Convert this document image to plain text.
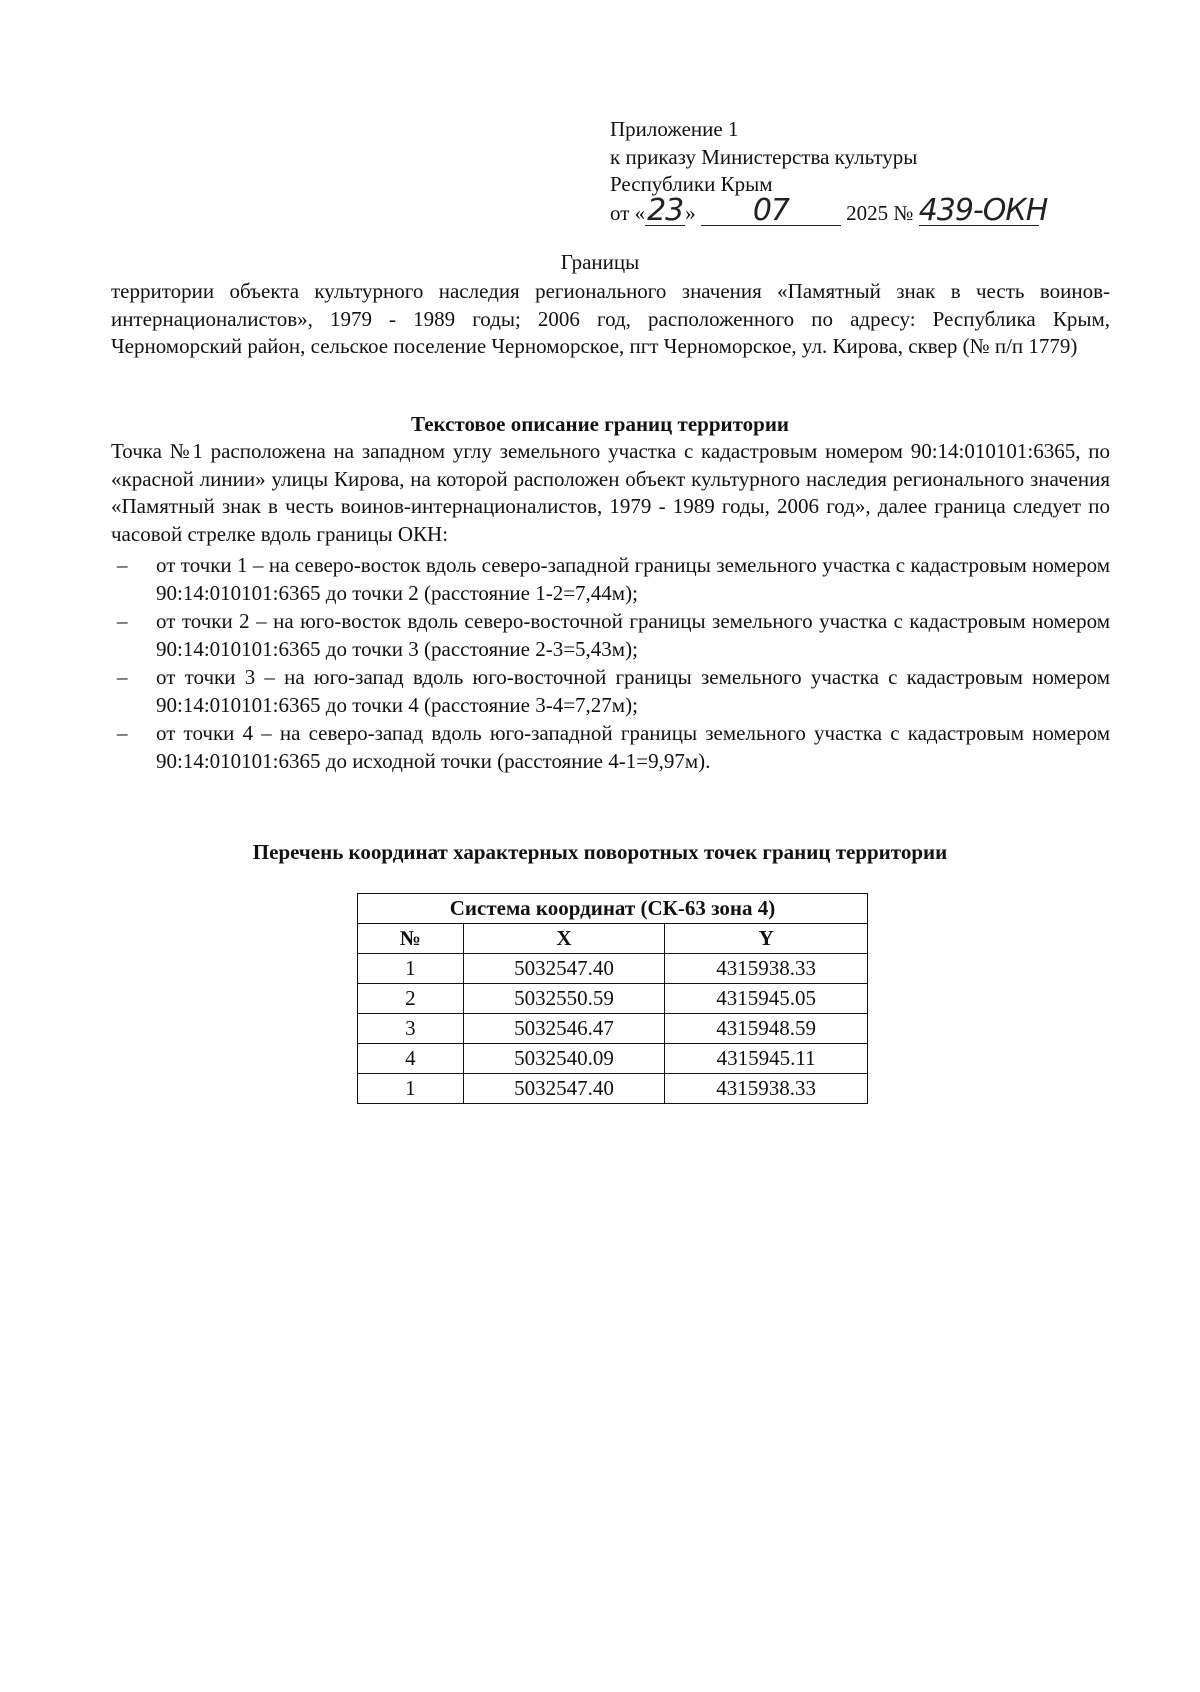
Приложение 1
к приказу Министерства культуры
Республики Крым
от «23» 07	2025 № 439-ОКН
Границы
территории объекта культурного наследия регионального значения «Памятный знак в честь воинов- интернационалистов», 1979 - 1989 годы; 2006 год, расположенного по адресу: Республика Крым, Черноморский район, сельское поселение Черноморское, пгт Черноморское, ул. Кирова, сквер (№ п/п 1779)
Текстовое описание границ территории

Точка №1 расположена на западном углу земельного участка с кадастровым номером 90:14:010101:6365, по «красной линии» улицы Кирова, на которой расположен объект культурного наследия регионального значения «Памятный знак в честь воинов-интернационалистов, 1979 - 1989 годы, 2006 год», далее граница следует по часовой стрелке вдоль границы ОКН:

– от точки 1 – на северо-восток вдоль северо-западной границы земельного участка с кадастровым номером 90:14:010101:6365 до точки 2 (расстояние 1-2=7,44м);
– от точки 2 – на юго-восток вдоль северо-восточной границы земельного участка с кадастровым номером 90:14:010101:6365 до точки 3 (расстояние 2-3=5,43м);
– от точки 3 – на юго-запад вдоль юго-восточной границы земельного участка с кадастровым номером 90:14:010101:6365 до точки 4 (расстояние 3-4=7,27м);
– от точки 4 – на северо-запад вдоль юго-западной границы земельного участка с кадастровым номером 90:14:010101:6365 до исходной точки (расстояние 4-1=9,97м).
Перечень координат характерных поворотных точек границ территории
Система координат (СК-63 зона 4)		
№	X	Y
1	5032547.40	4315938.33
2	5032550.59	4315945.05
3	5032546.47	4315948.59
4	5032540.09	4315945.11
1	5032547.40	4315938.33
